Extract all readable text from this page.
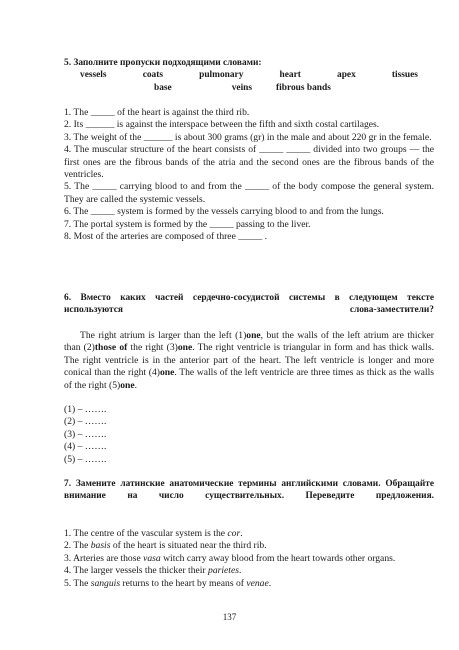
5. Заполните пропуски подходящими словами:
vessels	coats	pulmonary	heart	apex	tissues
base	veins	fibrous bands

1. The _____ of the heart is against the third rib.

2. Its ______ is against the interspace between the fifth and sixth costal cartilages.

3. The weight of the ______ is about 300 grams (gr) in the male and about 220 gr in the female.

4. The muscular structure of the heart consists of _____ _____ divided into two groups — the first ones are the fibrous bands of the atria and the second ones are the fibrous bands of the ventricles.

5. The _____ carrying blood to and from the _____ of the body compose the general system. They are called the systemic vessels.

6. The _____ system is formed by the vessels carrying blood to and from the lungs.

7. The portal system is formed by the _____ passing to the liver.

8. Most of the arteries are composed of three _____ .

6. Вместо каких частей сердечно-сосудистой системы в следующем тексте используются слова-заместители?

The right atrium is larger than the left (1)one, but the walls of the left atrium are thicker than (2)those of the right (3)one. The right ventricle is triangular in form and has thick walls. The right ventricle is in the anterior part of the heart. The left ventricle is longer and more conical than the right (4)one. The walls of the left ventricle are three times as thick as the walls of the right (5)one.

(1) – …….

(2) – …….

(3) – …….

(4) – …….

(5) – …….

7. Замените латинские анатомические термины английскими словами. Обращайте внимание на число существительных. Переведите предложения.

1. The centre of the vascular system is the cor.

2. The basis of the heart is situated near the third rib.

3. Arteries are those vasa witch carry away blood from the heart towards other organs.

4. The larger vessels the thicker their parietes.

5. The sanguis returns to the heart by means of venae.

137
